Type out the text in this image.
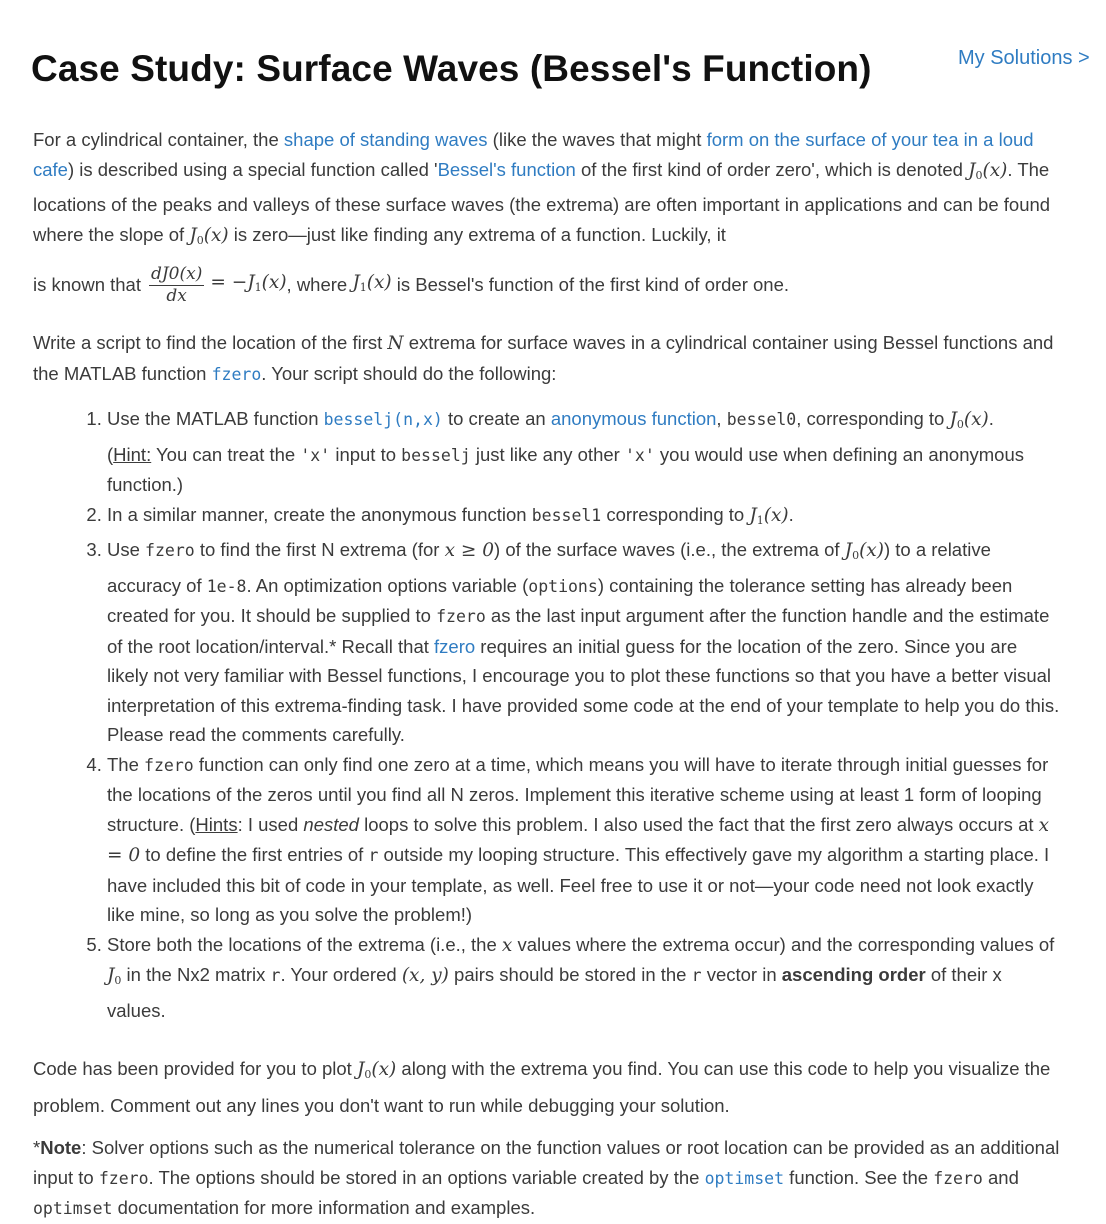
Case Study: Surface Waves (Bessel's Function)	My Solutions >

For a cylindrical container, the shape of standing waves (like the waves that might form on the surface of your tea in a loud cafe) is described using a special function called 'Bessel's function of the first kind of order zero', which is denoted $J_0(x)$. The locations of the peaks and valleys of these surface waves (the extrema) are often important in applications and can be found where the slope of $J_0(x)$ is zero—just like finding any extrema of a function. Luckily, it

is known that $\frac{dJ0(x)}{dx} = -J_1(x)$ , where $J_1(x)$ is Bessel's function of the first kind of order one.

Write a script to find the location of the first N extrema for surface waves in a cylindrical container using Bessel functions and the MATLAB function fzero. Your script should do the following:

1. Use the MATLAB function besselj(n,x) to create an anonymous function, bessel0, corresponding to $J_0(x)$.
(Hint: You can treat the 'x' input to besselj just like any other 'x' you would use when defining an anonymous function.)
2. In a similar manner, create the anonymous function bessel1 corresponding to $J_1(x)$.
3. Use fzero to find the first N extrema (for x ≥ 0) of the surface waves (i.e., the extrema of $J_0(x)$) to a relative accuracy of 1e-8. An optimization options variable (options) containing the tolerance setting has already been created for you. It should be supplied to fzero as the last input argument after the function handle and the estimate of the root location/interval.* Recall that fzero requires an initial guess for the location of the zero. Since you are likely not very familiar with Bessel functions, I encourage you to plot these functions so that you have a better visual interpretation of this extrema-finding task. I have provided some code at the end of your template to help you do this. Please read the comments carefully.
4. The fzero function can only find one zero at a time, which means you will have to iterate through initial guesses for the locations of the zeros until you find all N zeros. Implement this iterative scheme using at least 1 form of looping structure. (Hints: I used nested loops to solve this problem. I also used the fact that the first zero always occurs at x = 0 to define the first entries of r outside my looping structure. This effectively gave my algorithm a starting place. I have included this bit of code in your template, as well. Feel free to use it or not—your code need not look exactly like mine, so long as you solve the problem!)
5. Store both the locations of the extrema (i.e., the x values where the extrema occur) and the corresponding values of $J_0$ in the Nx2 matrix r. Your ordered (x, y) pairs should be stored in the r vector in ascending order of their x values.

Code has been provided for you to plot $J_0(x)$ along with the extrema you find. You can use this code to help you visualize the problem. Comment out any lines you don't want to run while debugging your solution.

*Note: Solver options such as the numerical tolerance on the function values or root location can be provided as an additional input to fzero. The options should be stored in an options variable created by the optimset function. See the fzero and optimset documentation for more information and examples.
